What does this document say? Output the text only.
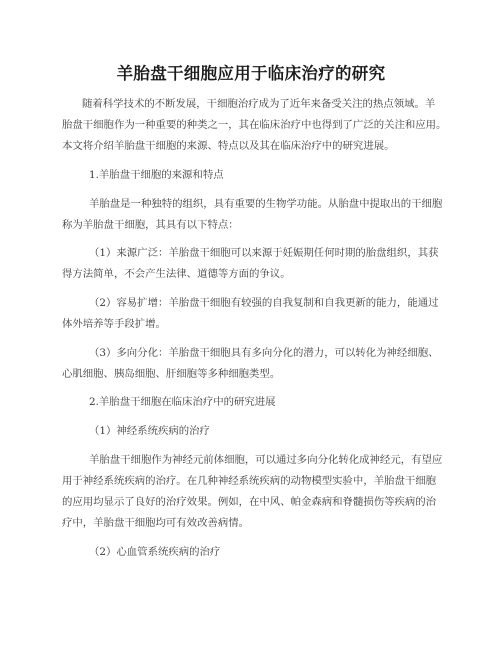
羊胎盘干细胞应用于临床治疗的研究
随着科学技术的不断发展，干细胞治疗成为了近年来备受关注的热点领域。羊
胎盘干细胞作为一种重要的种类之一，其在临床治疗中也得到了广泛的关注和应用。
本文将介绍羊胎盘干细胞的来源、特点以及其在临床治疗中的研究进展。
1.羊胎盘干细胞的来源和特点
羊胎盘是一种独特的组织，具有重要的生物学功能。从胎盘中提取出的干细胞
称为羊胎盘干细胞，其具有以下特点：
（1）来源广泛：羊胎盘干细胞可以来源于妊娠期任何时期的胎盘组织，其获
得方法简单，不会产生法律、道德等方面的争议。
（2）容易扩增：羊胎盘干细胞有较强的自我复制和自我更新的能力，能通过
体外培养等手段扩增。
（3）多向分化：羊胎盘干细胞具有多向分化的潜力，可以转化为神经细胞、
心肌细胞、胰岛细胞、肝细胞等多种细胞类型。
2.羊胎盘干细胞在临床治疗中的研究进展
（1）神经系统疾病的治疗
羊胎盘干细胞作为神经元前体细胞，可以通过多向分化转化成神经元，有望应
用于神经系统疾病的治疗。在几种神经系统疾病的动物模型实验中，羊胎盘干细胞
的应用均显示了良好的治疗效果。例如，在中风、帕金森病和脊髓损伤等疾病的治
疗中，羊胎盘干细胞均可有效改善病情。
（2）心血管系统疾病的治疗
